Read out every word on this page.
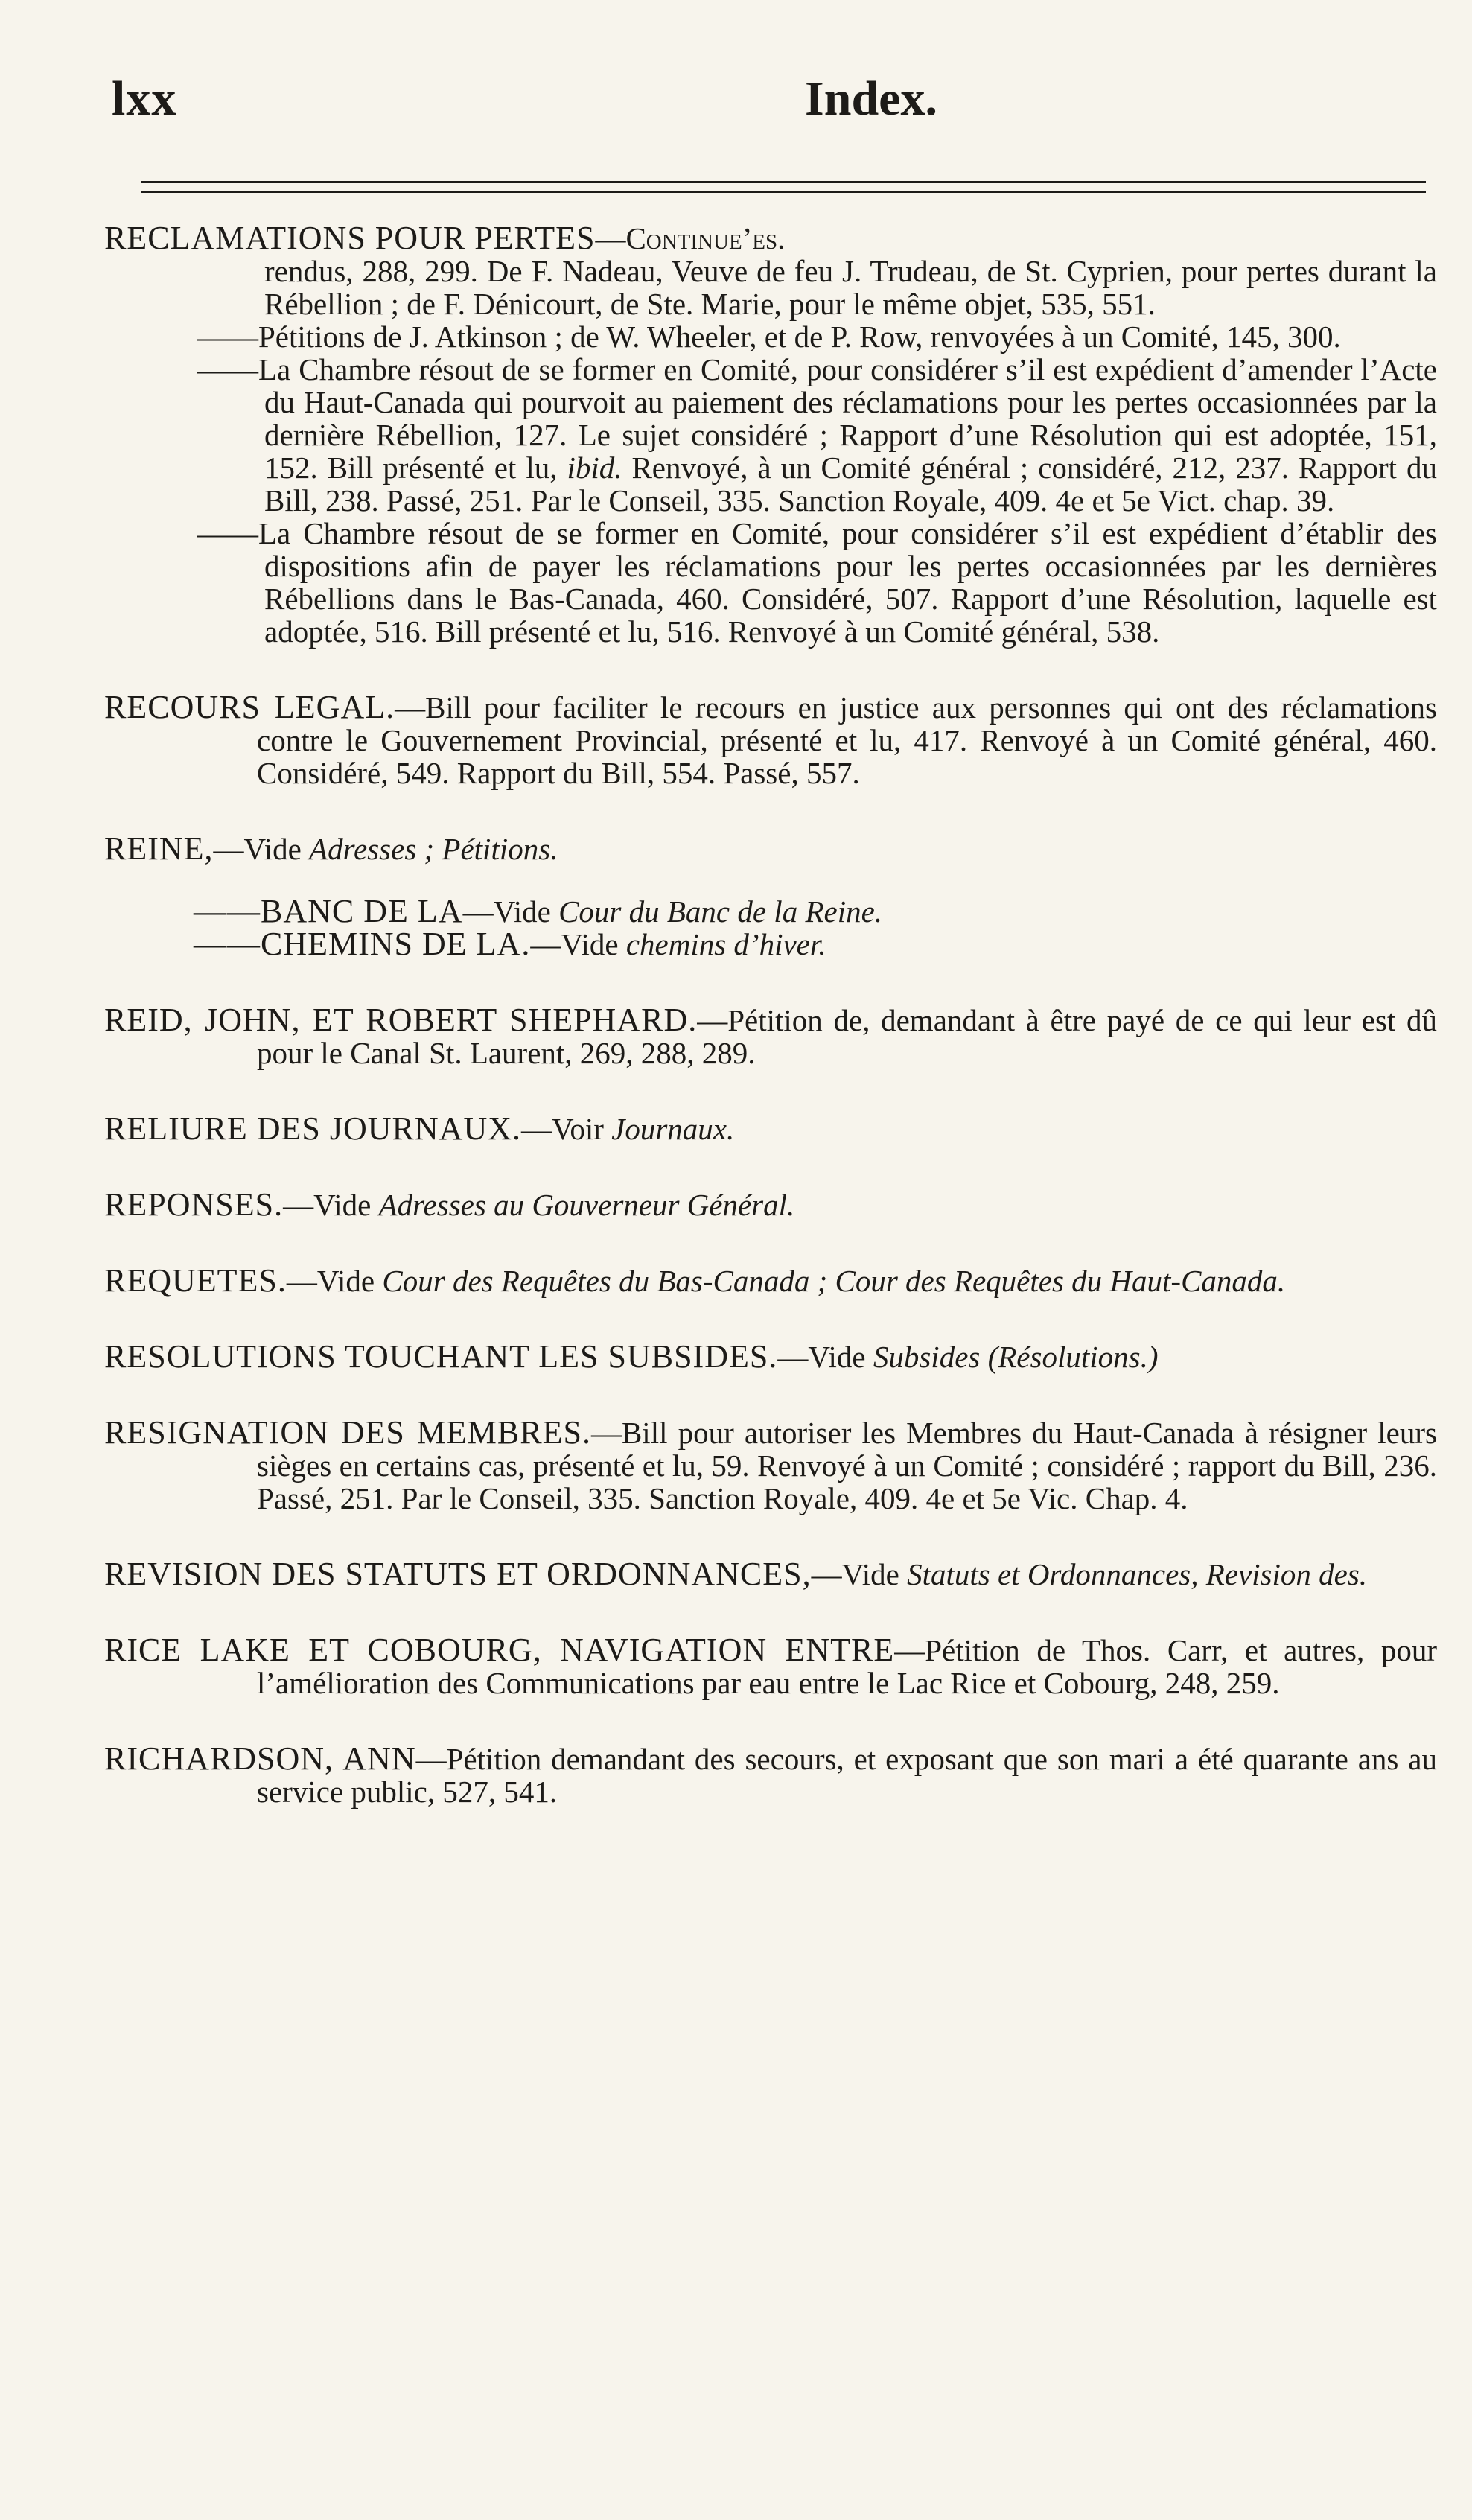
lxx	Index.

RECLAMATIONS POUR PERTES—Continue’es.

rendus, 288, 299. De F. Nadeau, Veuve de feu J. Trudeau, de St. Cyprien, pour pertes durant la Rébellion ; de F. Dénicourt, de Ste. Marie, pour le même objet, 535, 551.

——Pétitions de J. Atkinson ; de W. Wheeler, et de P. Row, renvoyées à un Comité, 145, 300.

——La Chambre résout de se former en Comité, pour considérer s’il est expédient d’amender l’Acte du Haut-Canada qui pourvoit au paiement des réclamations pour les pertes occasionnées par la dernière Rébellion, 127. Le sujet considéré ; Rapport d’une Résolution qui est adoptée, 151, 152. Bill présenté et lu, ibid. Renvoyé, à un Comité général ; considéré, 212, 237. Rapport du Bill, 238. Passé, 251. Par le Conseil, 335. Sanction Royale, 409. 4e et 5e Vict. chap. 39.

——La Chambre résout de se former en Comité, pour considérer s’il est expédient d’établir des dispositions afin de payer les réclamations pour les pertes occasionnées par les dernières Rébellions dans le Bas-Canada, 460. Considéré, 507. Rapport d’une Résolution, laquelle est adoptée, 516. Bill présenté et lu, 516. Renvoyé à un Comité général, 538.

RECOURS LEGAL.—Bill pour faciliter le recours en justice aux personnes qui ont des réclamations contre le Gouvernement Provincial, présenté et lu, 417. Renvoyé à un Comité général, 460. Considéré, 549. Rapport du Bill, 554. Passé, 557.

REINE,—Vide Adresses ; Pétitions.

——BANC DE LA—Vide Cour du Banc de la Reine.

——CHEMINS DE LA.—Vide chemins d’hiver.

REID, JOHN, ET ROBERT SHEPHARD.—Pétition de, demandant à être payé de ce qui leur est dû pour le Canal St. Laurent, 269, 288, 289.

RELIURE DES JOURNAUX.—Voir Journaux.

REPONSES.—Vide Adresses au Gouverneur Général.

REQUETES.—Vide Cour des Requêtes du Bas-Canada ; Cour des Requêtes du Haut-Canada.

RESOLUTIONS TOUCHANT LES SUBSIDES.—Vide Subsides (Résolutions.)

RESIGNATION DES MEMBRES.—Bill pour autoriser les Membres du Haut-Canada à résigner leurs sièges en certains cas, présenté et lu, 59. Renvoyé à un Comité ; considéré ; rapport du Bill, 236. Passé, 251. Par le Conseil, 335. Sanction Royale, 409. 4e et 5e Vic. Chap. 4.

REVISION DES STATUTS ET ORDONNANCES,—Vide Statuts et Ordonnances, Revision des.

RICE LAKE ET COBOURG, NAVIGATION ENTRE—Pétition de Thos. Carr, et autres, pour l’amélioration des Communications par eau entre le Lac Rice et Cobourg, 248, 259.

RICHARDSON, ANN—Pétition demandant des secours, et exposant que son mari a été quarante ans au service public, 527, 541.
